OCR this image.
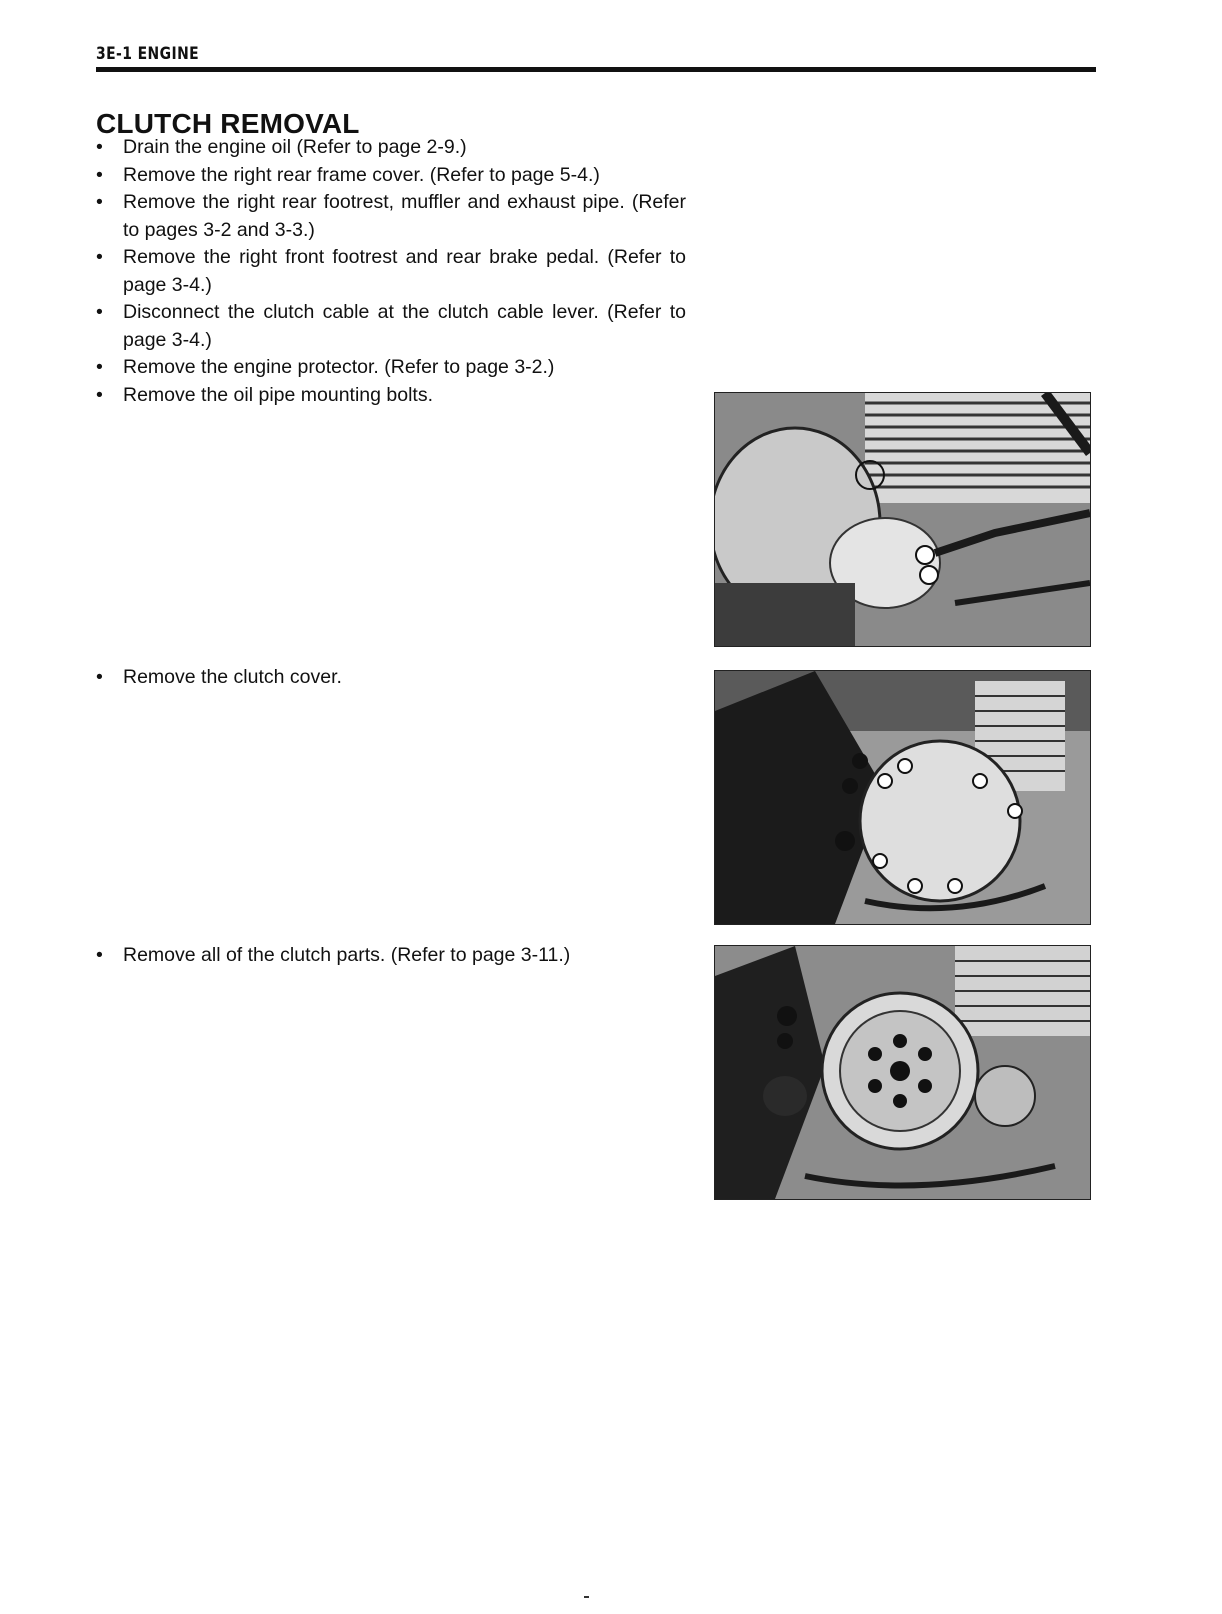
3E-1 ENGINE
CLUTCH REMOVAL
• Drain the engine oil (Refer to page 2-9.)
• Remove the right rear frame cover. (Refer to page 5-4.)
• Remove the right rear footrest, muffler and exhaust pipe. (Refer to pages 3-2 and 3-3.)
• Remove the right front footrest and rear brake pedal. (Refer to page 3-4.)
• Disconnect the clutch cable at the clutch cable lever. (Refer to page 3-4.)
• Remove the engine protector. (Refer to page 3-2.)
• Remove the oil pipe mounting bolts.
• Remove the clutch cover.
• Remove all of the clutch parts. (Refer to page 3-11.)
